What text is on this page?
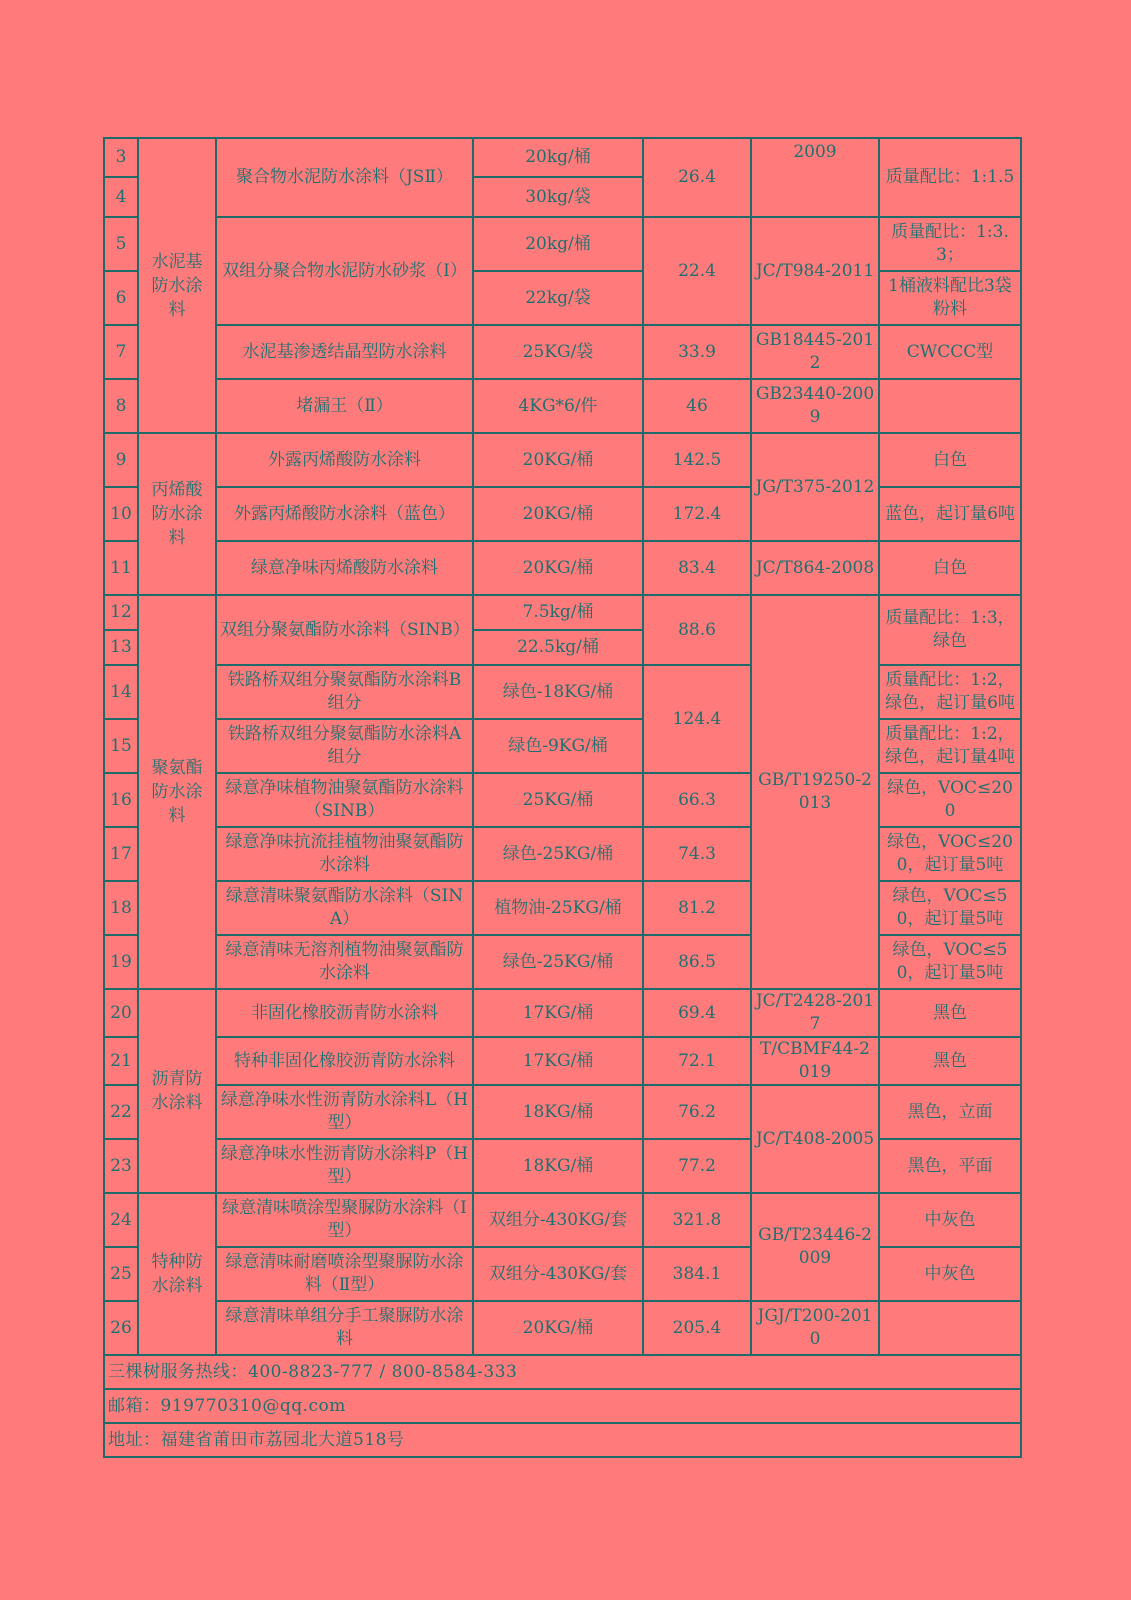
3	水泥基防水涂料	聚合物水泥防水涂料（JSⅡ）	20kg/桶	26.4	2009	质量配比：1:1.5
4			30kg/袋			
5		双组分聚合物水泥防水砂浆（Ⅰ）	20kg/桶	22.4	JC/T984-2011	质量配比：1:3.3；
6			22kg/袋			1桶液料配比3袋粉料
7		水泥基渗透结晶型防水涂料	25KG/袋	33.9	GB18445-2012	CWCCC型
8		堵漏王（Ⅱ）	4KG*6/件	46	GB23440-2009	
9	丙烯酸防水涂料	外露丙烯酸防水涂料	20KG/桶	142.5	JG/T375-2012	白色
10		外露丙烯酸防水涂料（蓝色）	20KG/桶	172.4		蓝色，起订量6吨
11		绿意净味丙烯酸防水涂料	20KG/桶	83.4	JC/T864-2008	白色
12	聚氨酯防水涂料	双组分聚氨酯防水涂料（SINB）	7.5kg/桶	88.6	GB/T19250-2013	质量配比：1:3，绿色
13			22.5kg/桶			
14		铁路桥双组分聚氨酯防水涂料B组分	绿色-18KG/桶	124.4		质量配比：1:2，绿色，起订量6吨
15		铁路桥双组分聚氨酯防水涂料A组分	绿色-9KG/桶			质量配比：1:2，绿色，起订量4吨
16		绿意净味植物油聚氨酯防水涂料（SINB）	25KG/桶	66.3		绿色，VOC≤200
17		绿意净味抗流挂植物油聚氨酯防水涂料	绿色-25KG/桶	74.3		绿色，VOC≤200，起订量5吨
18		绿意清味聚氨酯防水涂料（SINA）	植物油-25KG/桶	81.2		绿色，VOC≤50，起订量5吨
19		绿意清味无溶剂植物油聚氨酯防水涂料	绿色-25KG/桶	86.5		绿色，VOC≤50，起订量5吨
20	沥青防水涂料	非固化橡胶沥青防水涂料	17KG/桶	69.4	JC/T2428-2017	黑色
21		特种非固化橡胶沥青防水涂料	17KG/桶	72.1	T/CBMF44-2019	黑色
22		绿意净味水性沥青防水涂料L（H型）	18KG/桶	76.2	JC/T408-2005	黑色，立面
23		绿意净味水性沥青防水涂料P（H型）	18KG/桶	77.2		黑色，平面
24	特种防水涂料	绿意清味喷涂型聚脲防水涂料（Ⅰ型）	双组分-430KG/套	321.8	GB/T23446-2009	中灰色
25		绿意清味耐磨喷涂型聚脲防水涂料（Ⅱ型）	双组分-430KG/套	384.1		中灰色
26		绿意清味单组分手工聚脲防水涂料	20KG/桶	205.4	JGJ/T200-2010	
三棵树服务热线：400-8823-777 / 800-8584-333						
邮箱：919770310@qq.com						
地址：福建省莆田市荔园北大道518号						
